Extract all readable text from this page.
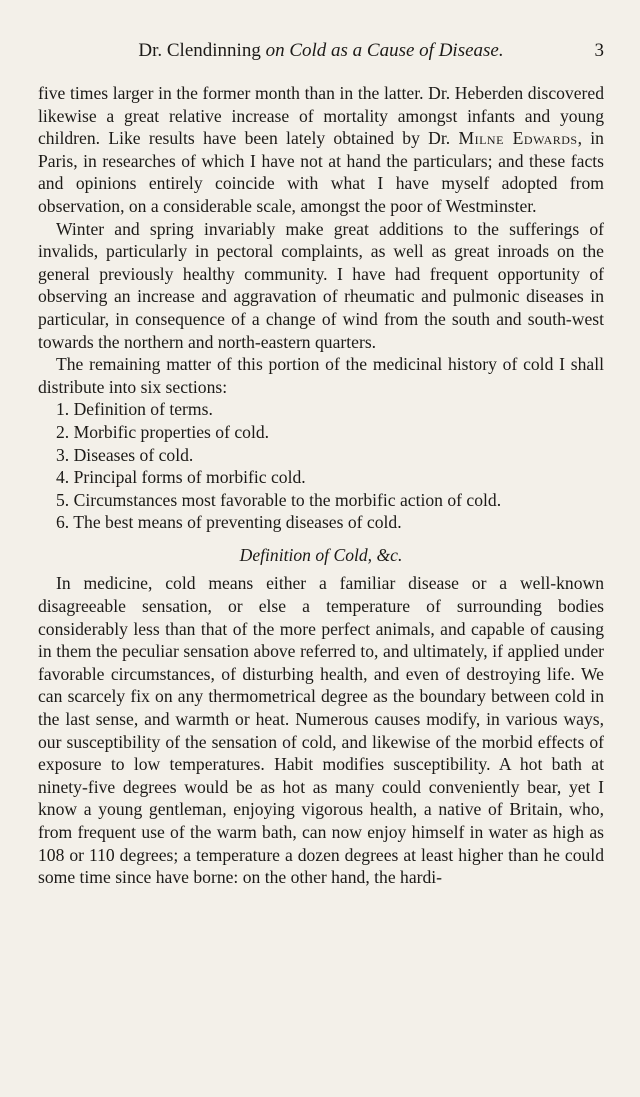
Dr. Clendinning on Cold as a Cause of Disease.	3

five times larger in the former month than in the latter. Dr. Heberden discovered likewise a great relative increase of mortality amongst infants and young children. Like results have been lately obtained by Dr. Milne Edwards, in Paris, in researches of which I have not at hand the particulars; and these facts and opinions entirely coincide with what I have myself adopted from observation, on a considerable scale, amongst the poor of Westminster.

Winter and spring invariably make great additions to the sufferings of invalids, particularly in pectoral complaints, as well as great inroads on the general previously healthy community. I have had frequent opportunity of observing an increase and aggravation of rheumatic and pulmonic diseases in particular, in consequence of a change of wind from the south and south-west towards the northern and north-eastern quarters.

The remaining matter of this portion of the medicinal history of cold I shall distribute into six sections:

1. Definition of terms.

2. Morbific properties of cold.

3. Diseases of cold.

4. Principal forms of morbific cold.

5. Circumstances most favorable to the morbific action of cold.

6. The best means of preventing diseases of cold.

Definition of Cold, &c.

In medicine, cold means either a familiar disease or a well-known disagreeable sensation, or else a temperature of surrounding bodies considerably less than that of the more perfect animals, and capable of causing in them the peculiar sensation above referred to, and ultimately, if applied under favorable circumstances, of disturbing health, and even of destroying life. We can scarcely fix on any thermometrical degree as the boundary between cold in the last sense, and warmth or heat. Numerous causes modify, in various ways, our susceptibility of the sensation of cold, and likewise of the morbid effects of exposure to low temperatures. Habit modifies susceptibility. A hot bath at ninety-five degrees would be as hot as many could conveniently bear, yet I know a young gentleman, enjoying vigorous health, a native of Britain, who, from frequent use of the warm bath, can now enjoy himself in water as high as 108 or 110 degrees; a temperature a dozen degrees at least higher than he could some time since have borne: on the other hand, the hardi-
